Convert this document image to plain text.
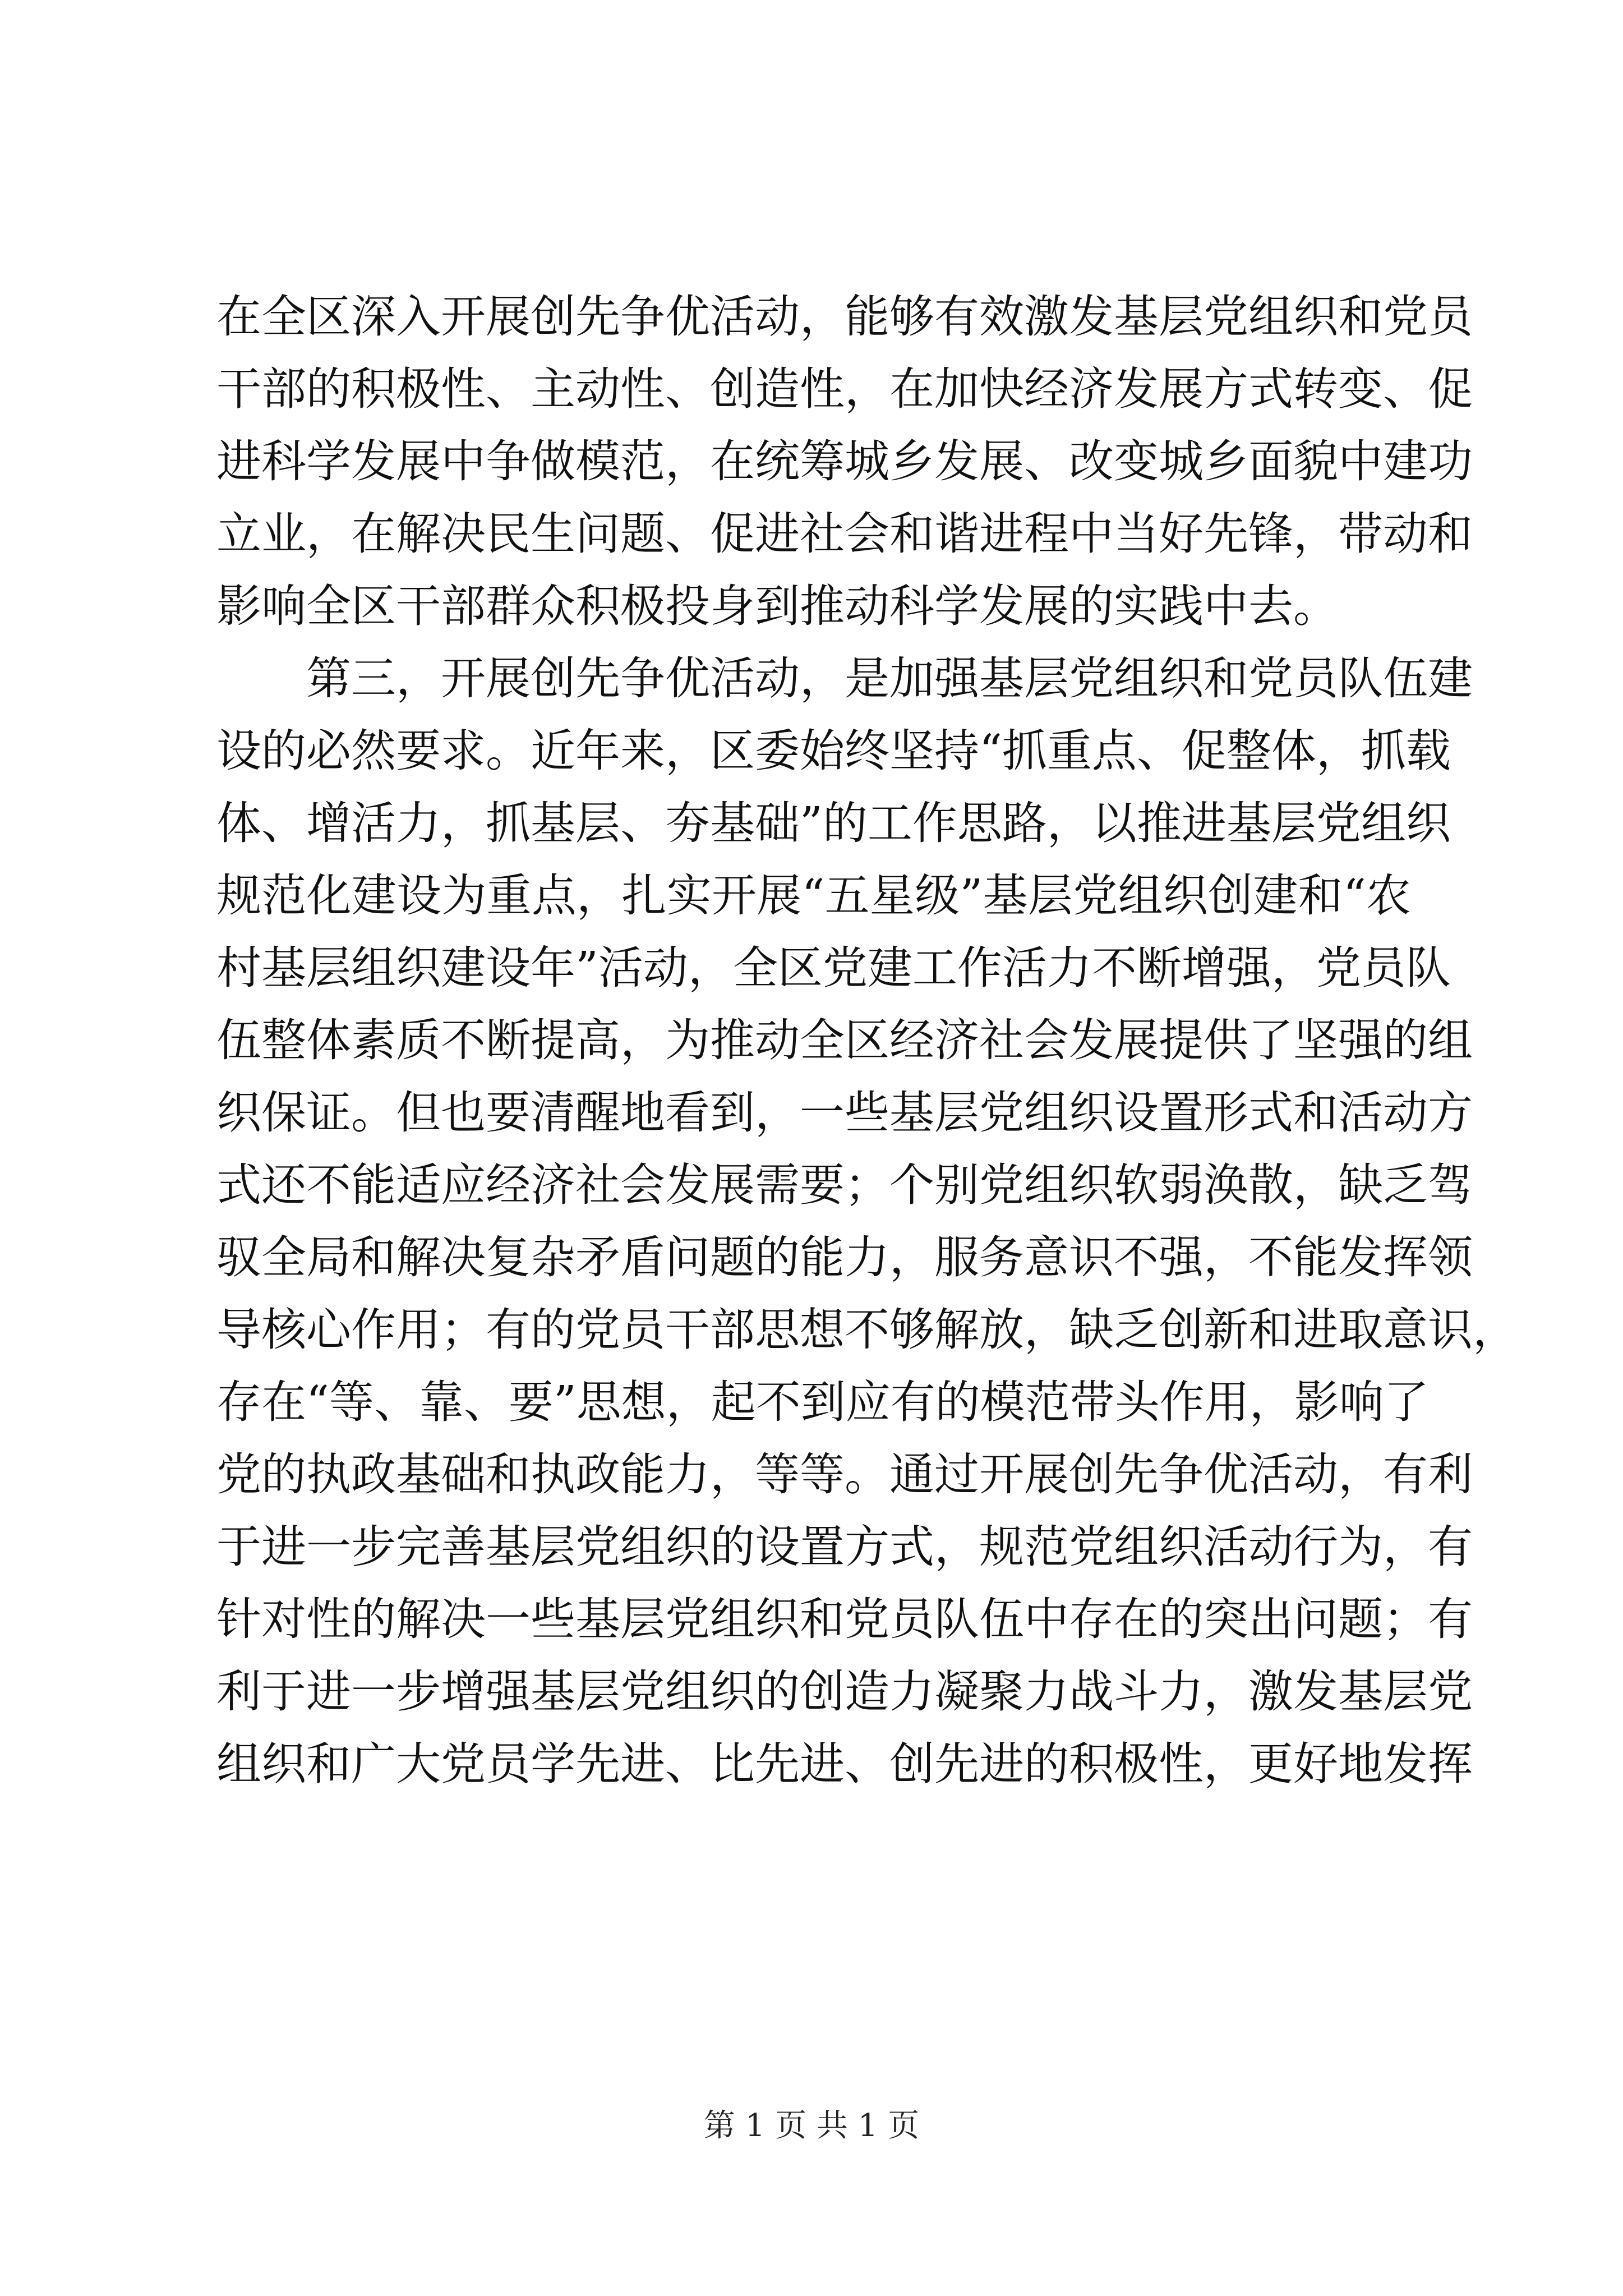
在全区深入开展创先争优活动，能够有效激发基层党组织和党员
干部的积极性、主动性、创造性，在加快经济发展方式转变、促
进科学发展中争做模范，在统筹城乡发展、改变城乡面貌中建功
立业，在解决民生问题、促进社会和谐进程中当好先锋，带动和
影响全区干部群众积极投身到推动科学发展的实践中去。
　　第三，开展创先争优活动，是加强基层党组织和党员队伍建
设的必然要求。近年来，区委始终坚持“抓重点、促整体，抓载
体、增活力，抓基层、夯基础”的工作思路，以推进基层党组织
规范化建设为重点，扎实开展“五星级”基层党组织创建和“农
村基层组织建设年”活动，全区党建工作活力不断增强，党员队
伍整体素质不断提高，为推动全区经济社会发展提供了坚强的组
织保证。但也要清醒地看到，一些基层党组织设置形式和活动方
式还不能适应经济社会发展需要；个别党组织软弱涣散，缺乏驾
驭全局和解决复杂矛盾问题的能力，服务意识不强，不能发挥领
导核心作用；有的党员干部思想不够解放，缺乏创新和进取意识，
存在“等、靠、要”思想，起不到应有的模范带头作用，影响了
党的执政基础和执政能力，等等。通过开展创先争优活动，有利
于进一步完善基层党组织的设置方式，规范党组织活动行为，有
针对性的解决一些基层党组织和党员队伍中存在的突出问题；有
利于进一步增强基层党组织的创造力凝聚力战斗力，激发基层党
组织和广大党员学先进、比先进、创先进的积极性，更好地发挥
第 1 页 共 1 页
